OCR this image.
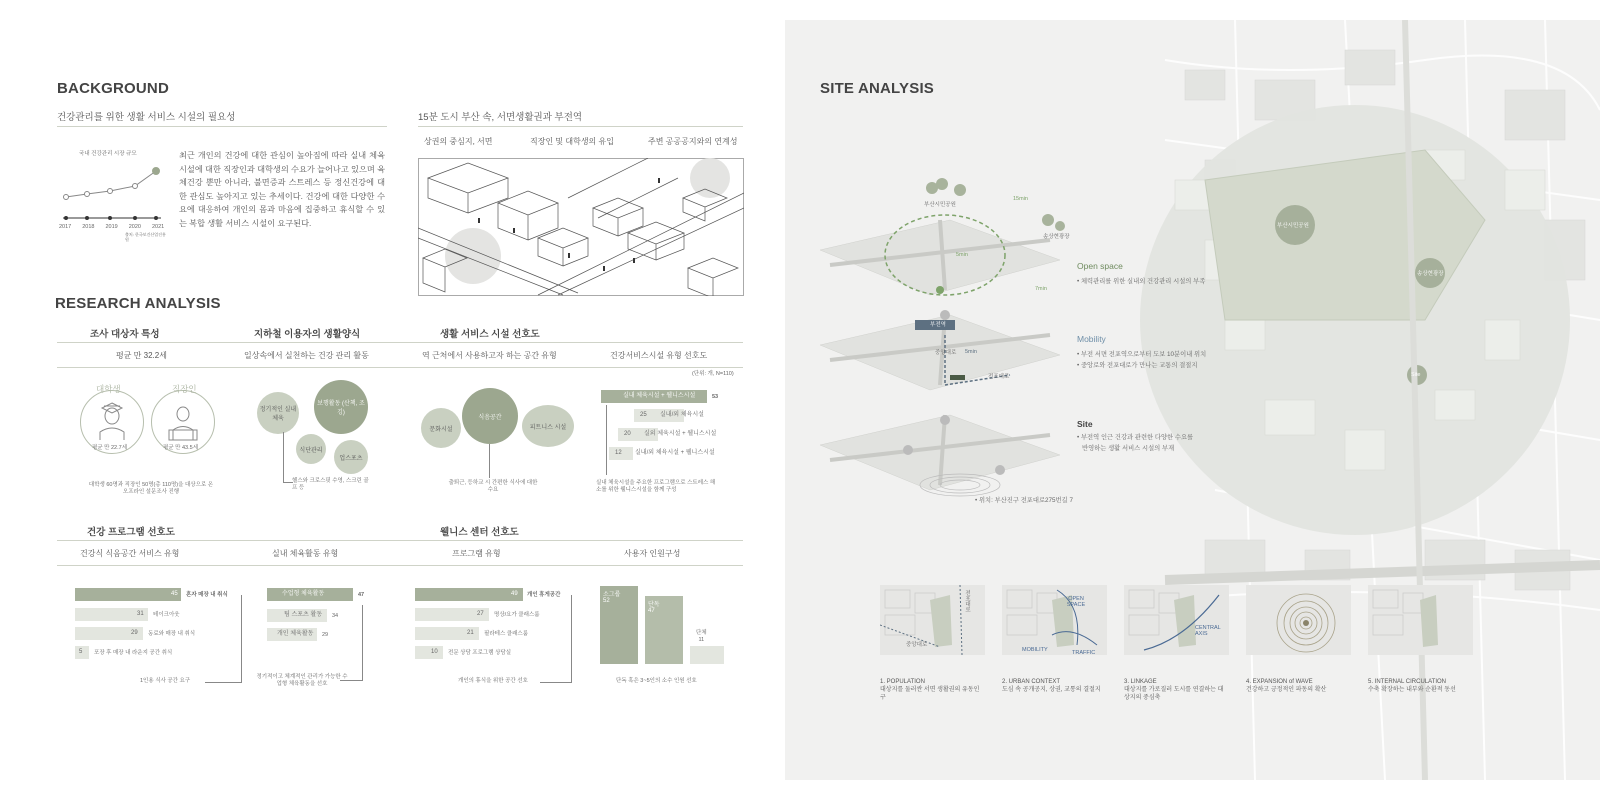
BACKGROUND
건강관리를 위한 생활 서비스 시설의 필요성	15분 도시 부산 속, 서면생활권과 부전역
국내 건강관리 시장 규모
2017 2018 2019 2020 2021
출처: 한국보건산업진흥원
최근 개인의 건강에 대한 관심이 높아짐에 따라 실내 체육시설에 대한 직장인과 대학생의 수요가 늘어나고 있으며 육체건강 뿐만 아니라, 불면증과 스트레스 등 정신건강에 대한 관심도 높아지고 있는 추세이다. 건강에 대한 다양한 수요에 대응하여 개인의 몸과 마음에 집중하고 휴식할 수 있는 복합 생활 서비스 시설이 요구된다.
상권의 중심지, 서면	직장인 및 대학생의 유입	주변 공공공지와의 연계성
RESEARCH ANALYSIS
조사 대상자 특성	지하철 이용자의 생활양식	생활 서비스 시설 선호도
평균 만 32.2세	일상속에서 실천하는 건강 관리 활동	역 근처에서 사용하고자 하는 공간 유형	건강서비스시설 유형 선호도
대학생	직장인
평균 만 22.7세	평균 만 43.5세
대학생 60명과 직장인 50명(총 110명)을 대상으로 온 오프라인 설문조사 진행
보행활동 (산책, 조깅)
정기적인 실내체육
식단관리
업스포츠
헬스와 크로스핏 수영, 스크린 골프 등
식음공간
문화시설	피트니스 시설
출퇴근, 등하교 시 간편한 식사에 대한 수요
(단위: 개, N=110)
실내 체육시설 + 웰니스시설	53
25 실내/외 체육시설
20 실외 체육시설 + 웰니스시설
12 실내/외 체육시설 + 웰니스시설
실내 체육시설을 주요한 프로그램으로 스트레스 해소를 위한 웰니스시설을 함께 구성
건강 프로그램 선호도	웰니스 센터 선호도
건강식 식음공간 서비스 유형	실내 체육활동 유형	프로그램 유형	사용자 인원구성
45 혼자 매장 내 취식
31 테이크아웃
29 동료와 매장 내 취식
5 포장 후 매장 내 라운지 공간 취식
1인용 식사 공간 요구
수업형 체육활동	47
팀 스포츠 활동 34
개인 체육활동 29
정기적이고 체계적인 관리가 가능한 수업형 체육활동을 선호
49 개인 휴게공간
27 명상/요가 클래스룸
21 필라테스 클래스룸
10 전문 상담 프로그램 상담실
개인의 휴식을 위한 공간 선호
소그룹
52
단독
47
단체
11
단독 혹은 3~5인의 소수 인원 선호
부산시민공원
송상현광장
Site
SITE ANALYSIS
부산시민공원
송상현광장
15min
5min
7min
5min
부전역
전포대로
중앙대로
Open space
• 체력관리를 위한 실내외 건강관리 시설의 부족
Mobility
• 부전 서면 전포역으로부터 도보 10분이내 위치
• 중앙로와 전포대로가 만나는 교통의 결절지
Site
• 부전역 인근 건강과 관련한 다양한 수요를
반영하는 생활 서비스 시설의 부재
• 위치: 부산진구 전포대로275번길 7
전포대로
중앙대로
OPEN SPACE
MOBILITY	TRAFFIC
CENTRAL AXIS
1. POPULATION
대상지를 둘러싼 서면 생활권의 유동인구
2. URBAN CONTEXT
도심 속 공개공지, 상권, 교통의 결절지
3. LINKAGE
대상지를 가로질러 도시를 연결하는 대상지의 중심축
4. EXPANSION of WAVE
건강하고 긍정적인 파동의 확산
5. INTERNAL CIRCULATION
수축 확장하는 내부와 순환적 동선
